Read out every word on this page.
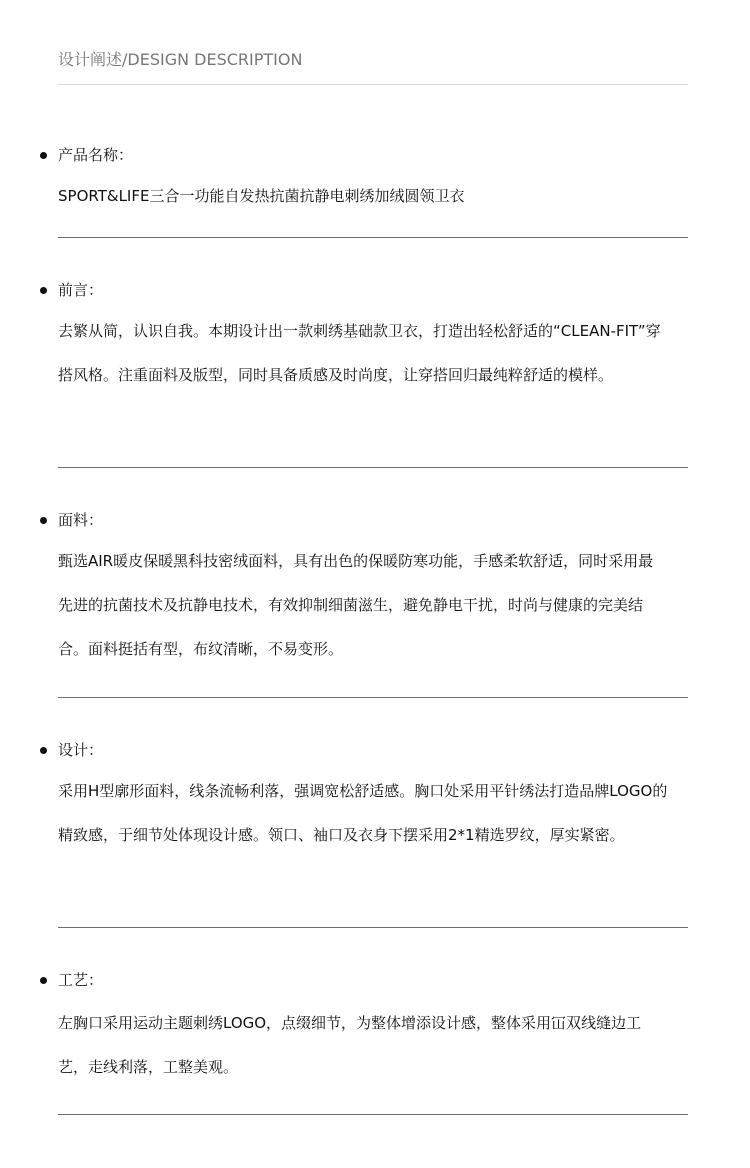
设计阐述/DESIGN DESCRIPTION
产品名称：
SPORT&LIFE三合一功能自发热抗菌抗静电刺绣加绒圆领卫衣
前言：
去繁从简，认识自我。本期设计出一款刺绣基础款卫衣，打造出轻松舒适的“CLEAN-FIT”穿搭风格。注重面料及版型，同时具备质感及时尚度，让穿搭回归最纯粹舒适的模样。
面料：
甄选AIR暖皮保暖黑科技密绒面料，具有出色的保暖防寒功能，手感柔软舒适，同时采用最先进的抗菌技术及抗静电技术，有效抑制细菌滋生，避免静电干扰，时尚与健康的完美结合。面料挺括有型，布纹清晰，不易变形。
设计：
采用H型廓形面料，线条流畅利落，强调宽松舒适感。胸口处采用平针绣法打造品牌LOGO的精致感，于细节处体现设计感。领口、袖口及衣身下摆采用2*1精选罗纹，厚实紧密。
工艺：
左胸口采用运动主题刺绣LOGO，点缀细节，为整体增添设计感，整体采用冚双线缝边工艺，走线利落，工整美观。
